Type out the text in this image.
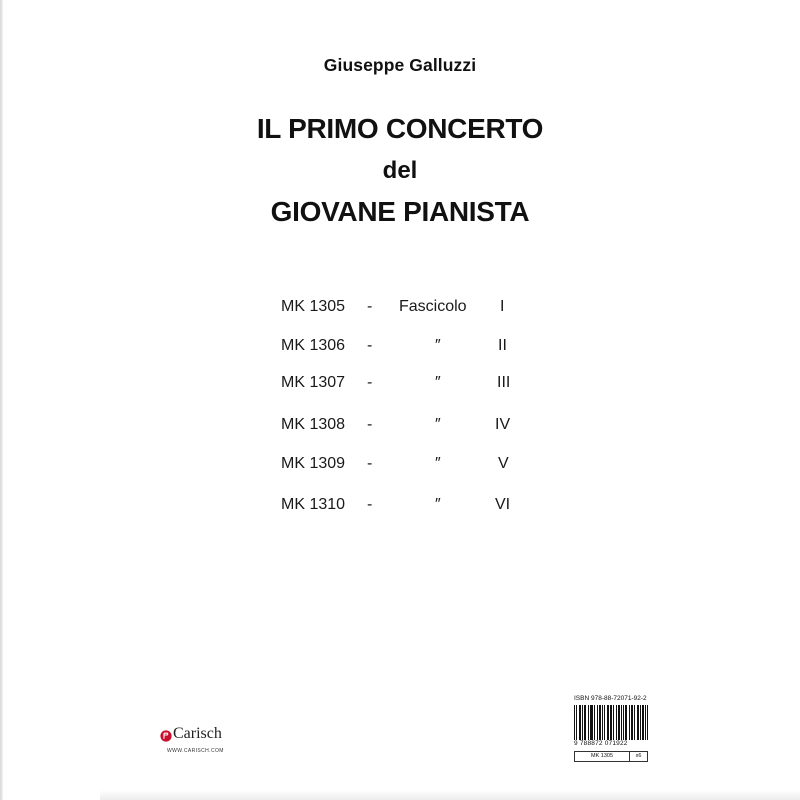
Giuseppe Galluzzi
IL PRIMO CONCERTO
del
GIOVANE PIANISTA
MK 1305 - Fascicolo I
MK 1306 -	″	II
MK 1307 -	″	III
MK 1308 -	″	IV
MK 1309 -	″	V
MK 1310 -	″	VI
Carisch
WWW.CARISCH.COM
ISBN 978-88-72071-92-2
9 788872 071922
MK 1305	x6
